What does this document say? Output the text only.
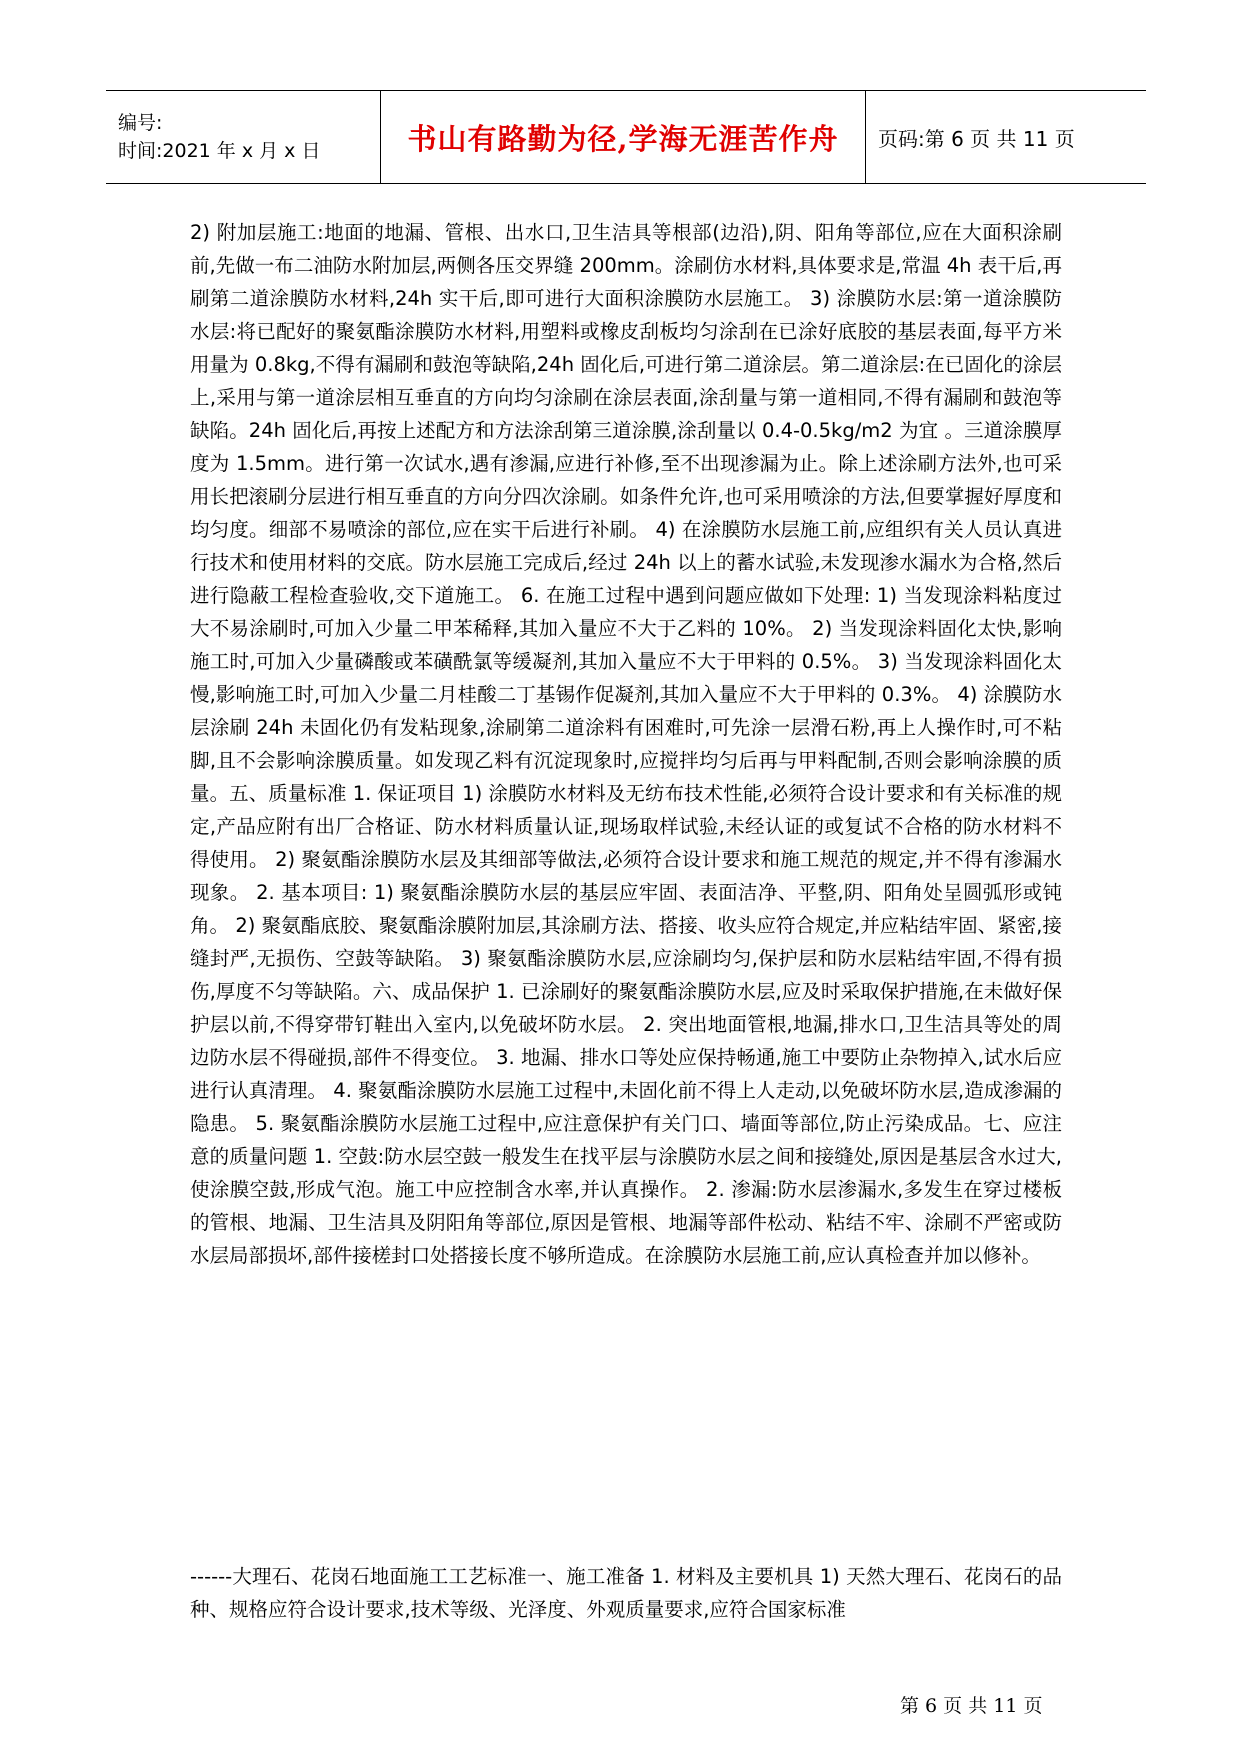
编号:
时间:2021 年 x 月 x 日	书山有路勤为径,学海无涯苦作舟 页码:第 6 页 共 11 页

2) 附加层施工:地面的地漏、管根、出水口,卫生洁具等根部(边沿),阴、阳角等部位,应在大面积涂刷前,先做一布二油防水附加层,两侧各压交界缝 200mm。涂刷仿水材料,具体要求是,常温 4h 表干后,再刷第二道涂膜防水材料,24h 实干后,即可进行大面积涂膜防水层施工。 3) 涂膜防水层:第一道涂膜防水层:将已配好的聚氨酯涂膜防水材料,用塑料或橡皮刮板均匀涂刮在已涂好底胶的基层表面,每平方米用量为 0.8kg,不得有漏刷和鼓泡等缺陷,24h 固化后,可进行第二道涂层。第二道涂层:在已固化的涂层上,采用与第一道涂层相互垂直的方向均匀涂刷在涂层表面,涂刮量与第一道相同,不得有漏刷和鼓泡等缺陷。24h 固化后,再按上述配方和方法涂刮第三道涂膜,涂刮量以 0.4-0.5kg/m2 为宜 。三道涂膜厚度为 1.5mm。进行第一次试水,遇有渗漏,应进行补修,至不出现渗漏为止。除上述涂刷方法外,也可采用长把滚刷分层进行相互垂直的方向分四次涂刷。如条件允许,也可采用喷涂的方法,但要掌握好厚度和均匀度。细部不易喷涂的部位,应在实干后进行补刷。 4) 在涂膜防水层施工前,应组织有关人员认真进行技术和使用材料的交底。防水层施工完成后,经过 24h 以上的蓄水试验,未发现渗水漏水为合格,然后进行隐蔽工程检查验收,交下道施工。 6. 在施工过程中遇到问题应做如下处理: 1) 当发现涂料粘度过大不易涂刷时,可加入少量二甲苯稀释,其加入量应不大于乙料的 10%。 2) 当发现涂料固化太快,影响施工时,可加入少量磷酸或苯磺酰氯等缓凝剂,其加入量应不大于甲料的 0.5%。 3) 当发现涂料固化太慢,影响施工时,可加入少量二月桂酸二丁基锡作促凝剂,其加入量应不大于甲料的 0.3%。 4) 涂膜防水层涂刷 24h 未固化仍有发粘现象,涂刷第二道涂料有困难时,可先涂一层滑石粉,再上人操作时,可不粘脚,且不会影响涂膜质量。如发现乙料有沉淀现象时,应搅拌均匀后再与甲料配制,否则会影响涂膜的质量。五、质量标准 1. 保证项目 1) 涂膜防水材料及无纺布技术性能,必须符合设计要求和有关标准的规定,产品应附有出厂合格证、防水材料质量认证,现场取样试验,未经认证的或复试不合格的防水材料不得使用。 2) 聚氨酯涂膜防水层及其细部等做法,必须符合设计要求和施工规范的规定,并不得有渗漏水现象。 2. 基本项目: 1) 聚氨酯涂膜防水层的基层应牢固、表面洁净、平整,阴、阳角处呈圆弧形或钝角。 2) 聚氨酯底胶、聚氨酯涂膜附加层,其涂刷方法、搭接、收头应符合规定,并应粘结牢固、紧密,接缝封严,无损伤、空鼓等缺陷。 3) 聚氨酯涂膜防水层,应涂刷均匀,保护层和防水层粘结牢固,不得有损伤,厚度不匀等缺陷。六、成品保护 1. 已涂刷好的聚氨酯涂膜防水层,应及时采取保护措施,在未做好保护层以前,不得穿带钉鞋出入室内,以免破坏防水层。 2. 突出地面管根,地漏,排水口,卫生洁具等处的周边防水层不得碰损,部件不得变位。 3. 地漏、排水口等处应保持畅通,施工中要防止杂物掉入,试水后应进行认真清理。 4. 聚氨酯涂膜防水层施工过程中,未固化前不得上人走动,以免破坏防水层,造成渗漏的隐患。 5. 聚氨酯涂膜防水层施工过程中,应注意保护有关门口、墙面等部位,防止污染成品。七、应注意的质量问题 1. 空鼓:防水层空鼓一般发生在找平层与涂膜防水层之间和接缝处,原因是基层含水过大,使涂膜空鼓,形成气泡。施工中应控制含水率,并认真操作。 2. 渗漏:防水层渗漏水,多发生在穿过楼板的管根、地漏、卫生洁具及阴阳角等部位,原因是管根、地漏等部件松动、粘结不牢、涂刷不严密或防水层局部损坏,部件接槎封口处搭接长度不够所造成。在涂膜防水层施工前,应认真检查并加以修补。

------大理石、花岗石地面施工工艺标准一、施工准备 1. 材料及主要机具 1) 天然大理石、花岗石的品种、规格应符合设计要求,技术等级、光泽度、外观质量要求,应符合国家标准

第 6 页 共 11 页
